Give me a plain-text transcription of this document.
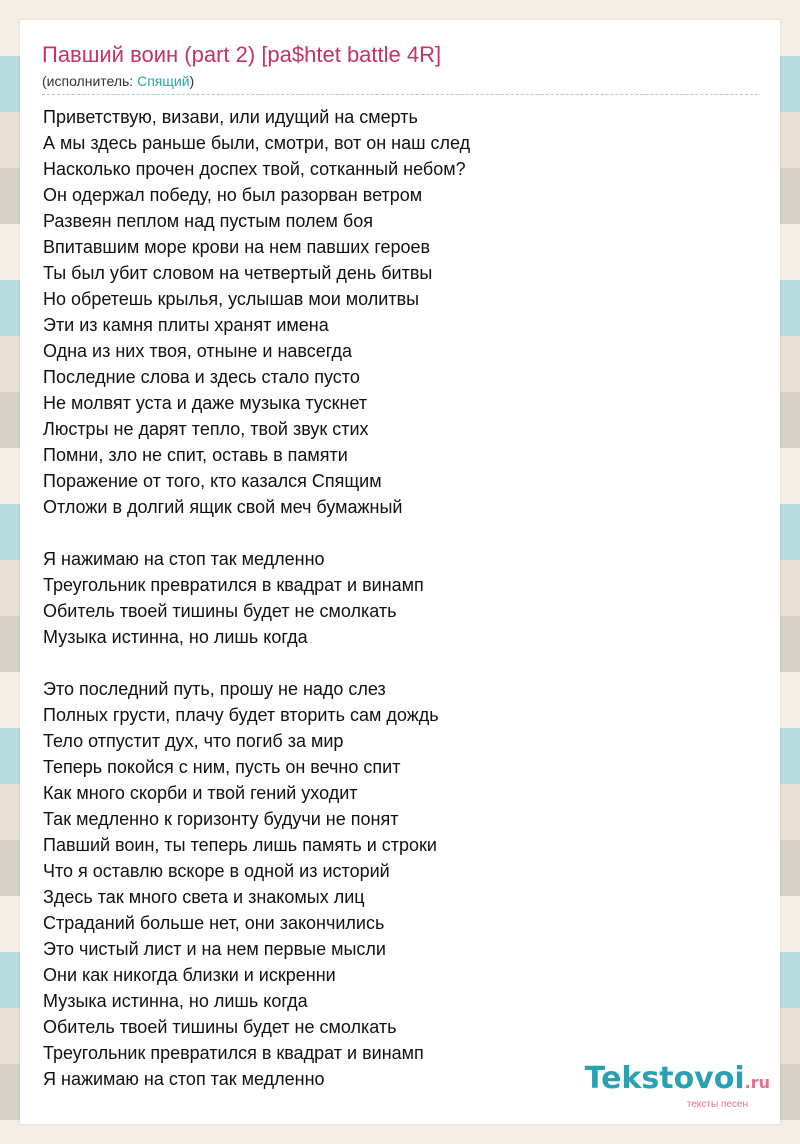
Павший воин (part 2) [pa$htet battle 4R]
(исполнитель: Спящий)
Приветствую, визави, или идущий на смерть
А мы здесь раньше были, смотри, вот он наш след
Насколько прочен доспех твой, сотканный небом?
Он одержал победу, но был разорван ветром
Развеян пеплом над пустым полем боя
Впитавшим море крови на нем павших героев
Ты был убит словом на четвертый день битвы
Но обретешь крылья, услышав мои молитвы
Эти из камня плиты хранят имена
Одна из них твоя, отныне и навсегда
Последние слова и здесь стало пусто
Не молвят уста и даже музыка тускнет
Люстры не дарят тепло, твой звук стих
Помни, зло не спит, оставь в памяти
Поражение от того, кто казался Спящим
Отложи в долгий ящик свой меч бумажный
Я нажимаю на стоп так медленно
Треугольник превратился в квадрат и винамп
Обитель твоей тишины будет не смолкать
Музыка истинна, но лишь когда
Это последний путь, прошу не надо слез
Полных грусти, плачу будет вторить сам дождь
Тело отпустит дух, что погиб за мир
Теперь покойся с ним, пусть он вечно спит
Как много скорби и твой гений уходит
Так медленно к горизонту будучи не понят
Павший воин, ты теперь лишь память и строки
Что я оставлю вскоре в одной из историй
Здесь так много света и знакомых лиц
Страданий больше нет, они закончились
Это чистый лист и на нем первые мысли
Они как никогда близки и искренни
Музыка истинна, но лишь когда
Обитель твоей тишины будет не смолкать
Треугольник превратился в квадрат и винамп
Я нажимаю на стоп так медленно	Tekstovoi.ru
тексты песен
